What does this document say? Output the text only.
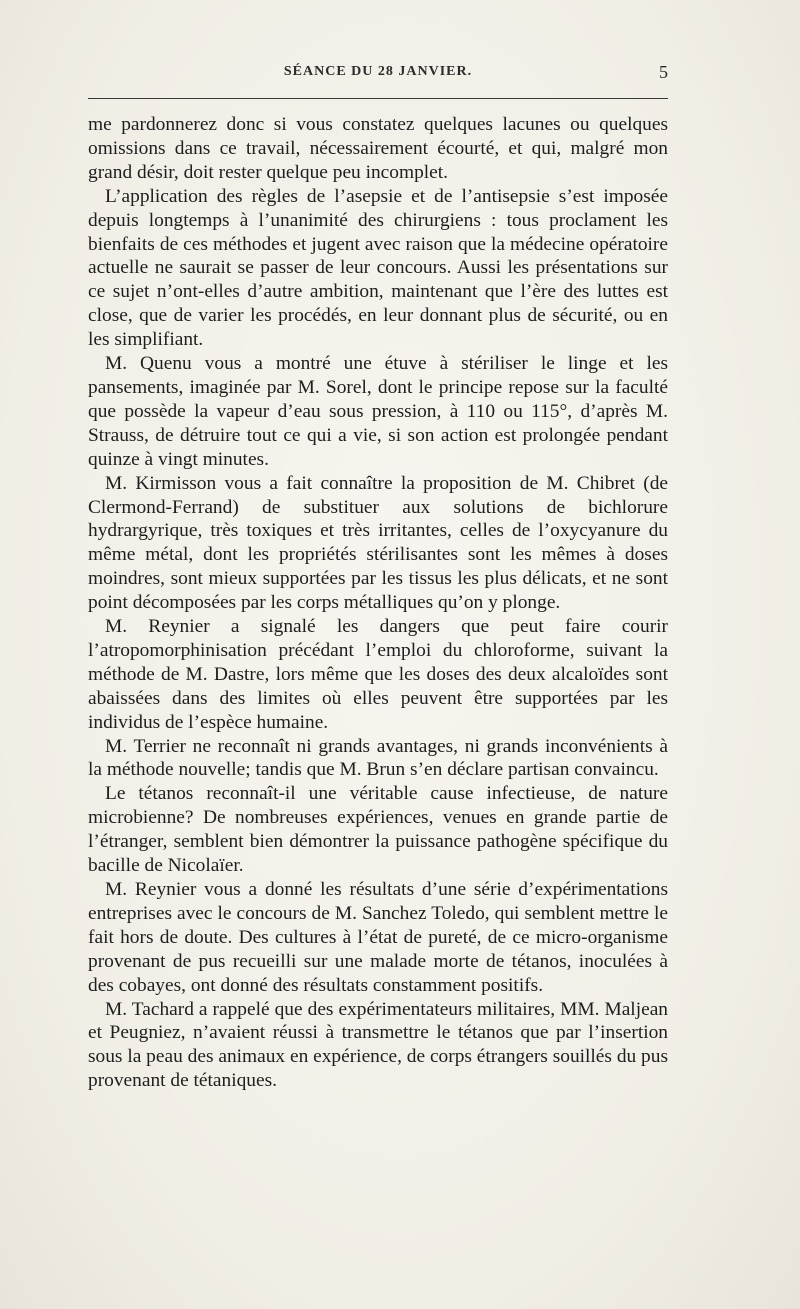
SÉANCE DU 28 JANVIER.	5

me pardonnerez donc si vous constatez quelques lacunes ou quelques omissions dans ce travail, nécessairement écourté, et qui, malgré mon grand désir, doit rester quelque peu incomplet.

L’application des règles de l’asepsie et de l’antisepsie s’est imposée depuis longtemps à l’unanimité des chirurgiens : tous proclament les bienfaits de ces méthodes et jugent avec raison que la médecine opératoire actuelle ne saurait se passer de leur concours. Aussi les présentations sur ce sujet n’ont-elles d’autre ambition, maintenant que l’ère des luttes est close, que de varier les procédés, en leur donnant plus de sécurité, ou en les simplifiant.

M. Quenu vous a montré une étuve à stériliser le linge et les pansements, imaginée par M. Sorel, dont le principe repose sur la faculté que possède la vapeur d’eau sous pression, à 110 ou 115°, d’après M. Strauss, de détruire tout ce qui a vie, si son action est prolongée pendant quinze à vingt minutes.

M. Kirmisson vous a fait connaître la proposition de M. Chibret (de Clermond-Ferrand) de substituer aux solutions de bichlorure hydrargyrique, très toxiques et très irritantes, celles de l’oxycyanure du même métal, dont les propriétés stérilisantes sont les mêmes à doses moindres, sont mieux supportées par les tissus les plus délicats, et ne sont point décomposées par les corps métalliques qu’on y plonge.

M. Reynier a signalé les dangers que peut faire courir l’atropomorphinisation précédant l’emploi du chloroforme, suivant la méthode de M. Dastre, lors même que les doses des deux alcaloïdes sont abaissées dans des limites où elles peuvent être supportées par les individus de l’espèce humaine.

M. Terrier ne reconnaît ni grands avantages, ni grands inconvénients à la méthode nouvelle; tandis que M. Brun s’en déclare partisan convaincu.

Le tétanos reconnaît-il une véritable cause infectieuse, de nature microbienne? De nombreuses expériences, venues en grande partie de l’étranger, semblent bien démontrer la puissance pathogène spécifique du bacille de Nicolaïer.

M. Reynier vous a donné les résultats d’une série d’expérimentations entreprises avec le concours de M. Sanchez Toledo, qui semblent mettre le fait hors de doute. Des cultures à l’état de pureté, de ce micro-organisme provenant de pus recueilli sur une malade morte de tétanos, inoculées à des cobayes, ont donné des résultats constamment positifs.

M. Tachard a rappelé que des expérimentateurs militaires, MM. Maljean et Peugniez, n’avaient réussi à transmettre le tétanos que par l’insertion sous la peau des animaux en expérience, de corps étrangers souillés du pus provenant de tétaniques.
